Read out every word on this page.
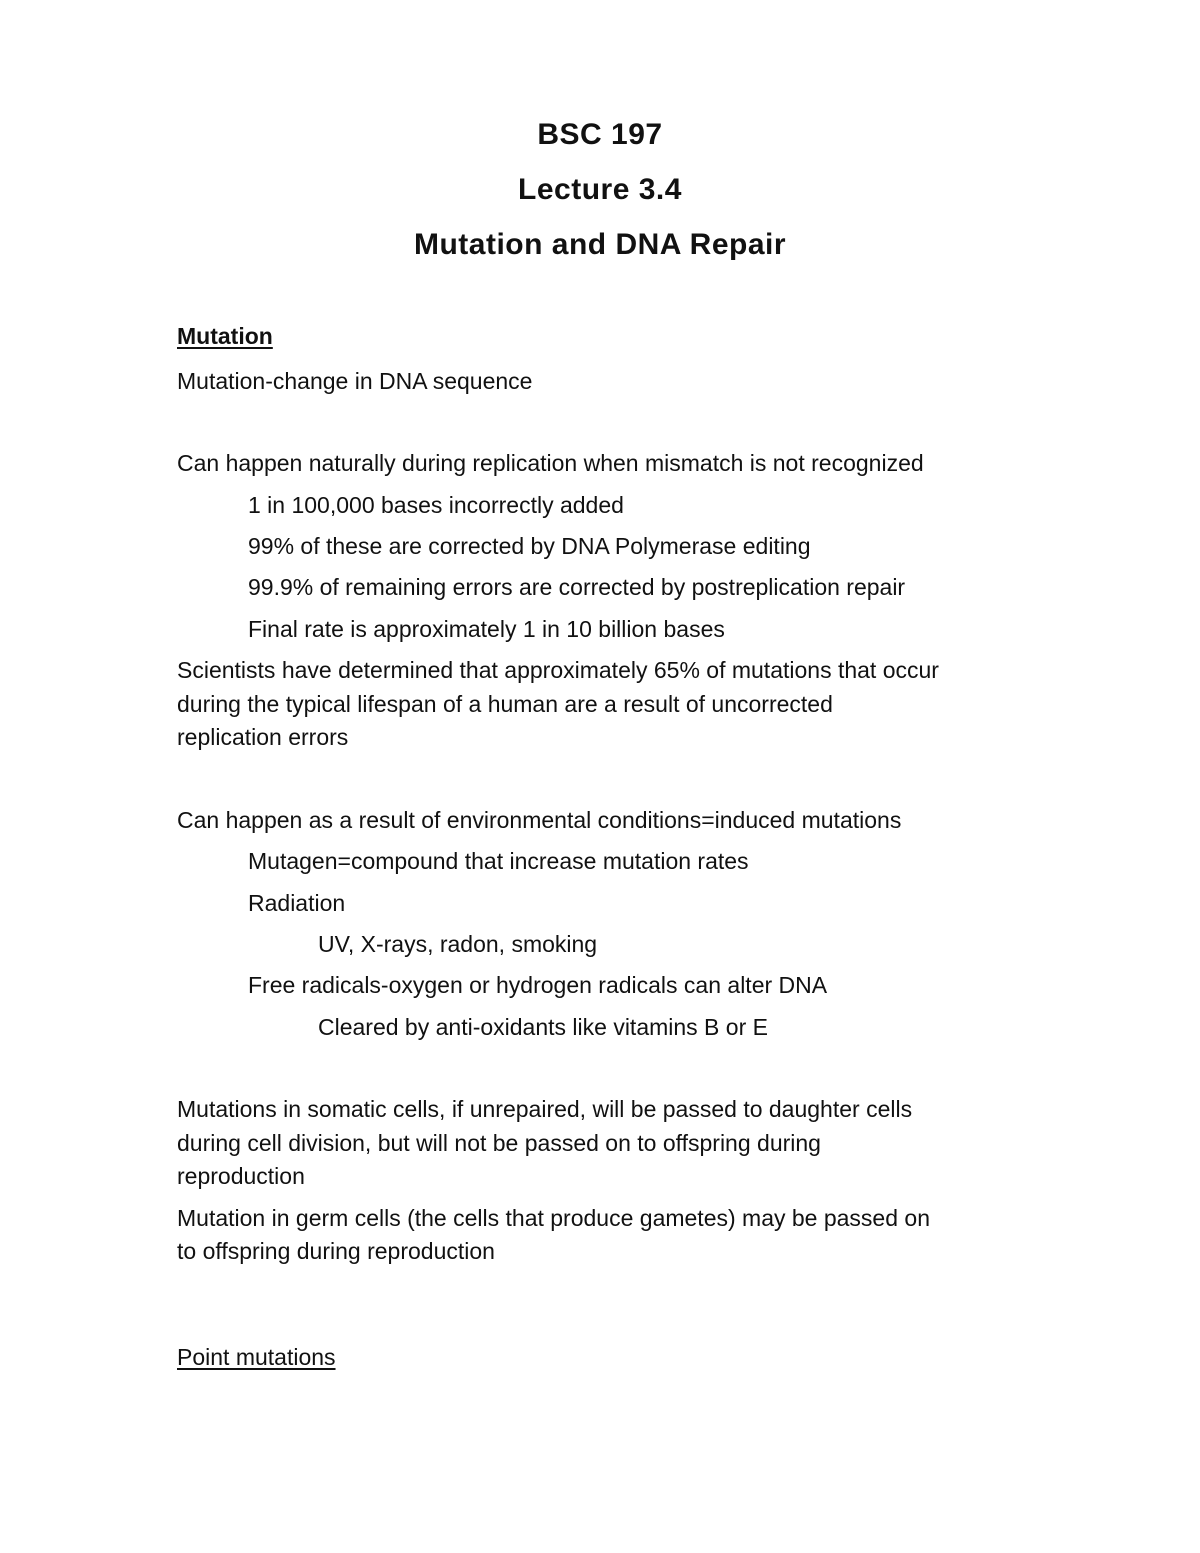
BSC 197
Lecture 3.4
Mutation and DNA Repair
Mutation
Mutation-change in DNA sequence
Can happen naturally during replication when mismatch is not recognized
1 in 100,000 bases incorrectly added
99% of these are corrected by DNA Polymerase editing
99.9% of remaining errors are corrected by postreplication repair
Final rate is approximately 1 in 10 billion bases
Scientists have determined that approximately 65% of mutations that occur
during the typical lifespan of a human are a result of uncorrected
replication errors
Can happen as a result of environmental conditions=induced mutations
Mutagen=compound that increase mutation rates
Radiation
UV, X-rays, radon, smoking
Free radicals-oxygen or hydrogen radicals can alter DNA
Cleared by anti-oxidants like vitamins B or E
Mutations in somatic cells, if unrepaired, will be passed to daughter cells
during cell division, but will not be passed on to offspring during
reproduction
Mutation in germ cells (the cells that produce gametes) may be passed on
to offspring during reproduction
Point mutations
